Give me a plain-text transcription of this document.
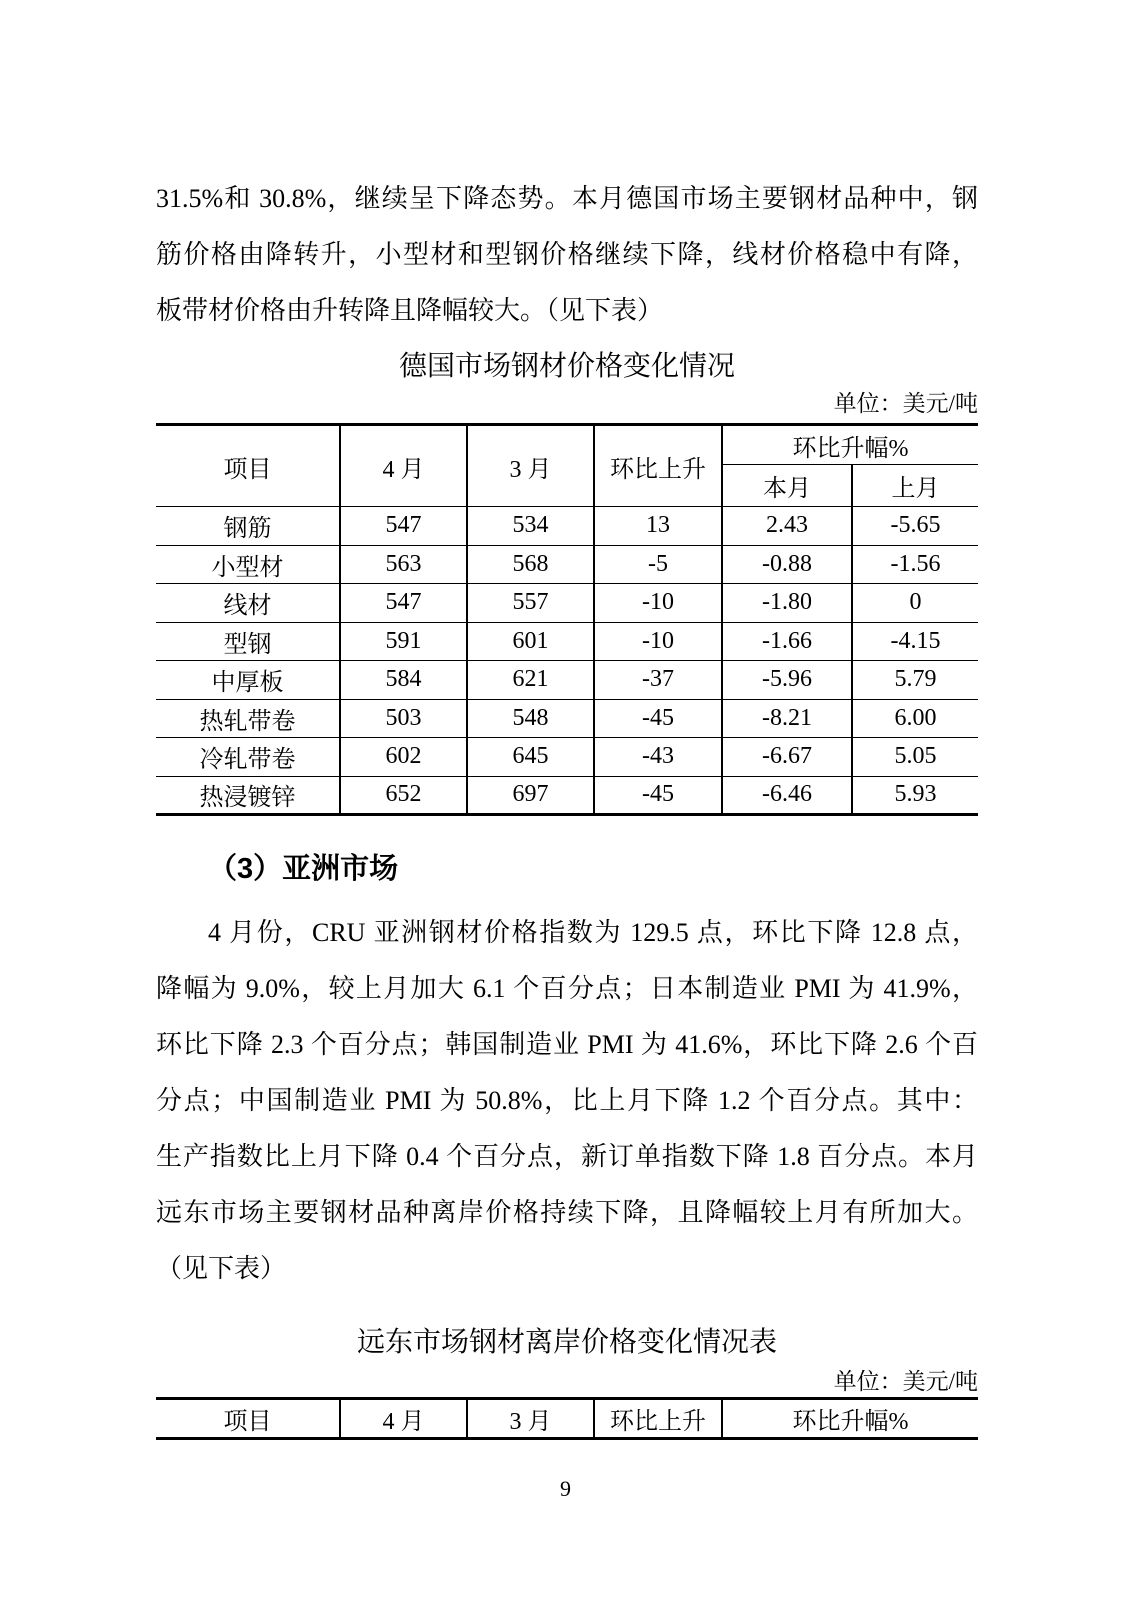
31.5%和 30.8%，继续呈下降态势。本月德国市场主要钢材品种中，钢
筋价格由降转升，小型材和型钢价格继续下降，线材价格稳中有降，
板带材价格由升转降且降幅较大。（见下表）
德国市场钢材价格变化情况
单位：美元/吨
项目	4 月	3 月	环比上升	环比升幅%	
				本月	上月
钢筋	547	534	13	2.43	-5.65
小型材	563	568	-5	-0.88	-1.56
线材	547	557	-10	-1.80	0
型钢	591	601	-10	-1.66	-4.15
中厚板	584	621	-37	-5.96	5.79
热轧带卷	503	548	-45	-8.21	6.00
冷轧带卷	602	645	-43	-6.67	5.05
热浸镀锌	652	697	-45	-6.46	5.93
（3）亚洲市场
4 月份，CRU 亚洲钢材价格指数为 129.5 点，环比下降 12.8 点，
降幅为 9.0%，较上月加大 6.1 个百分点；日本制造业 PMI 为 41.9%，
环比下降 2.3 个百分点；韩国制造业 PMI 为 41.6%，环比下降 2.6 个百
分点；中国制造业 PMI 为 50.8%，比上月下降 1.2 个百分点。其中：
生产指数比上月下降 0.4 个百分点，新订单指数下降 1.8 百分点。本月
远东市场主要钢材品种离岸价格持续下降，且降幅较上月有所加大。
（见下表）
远东市场钢材离岸价格变化情况表
单位：美元/吨
项目	4 月	3 月	环比上升	环比升幅%
9
